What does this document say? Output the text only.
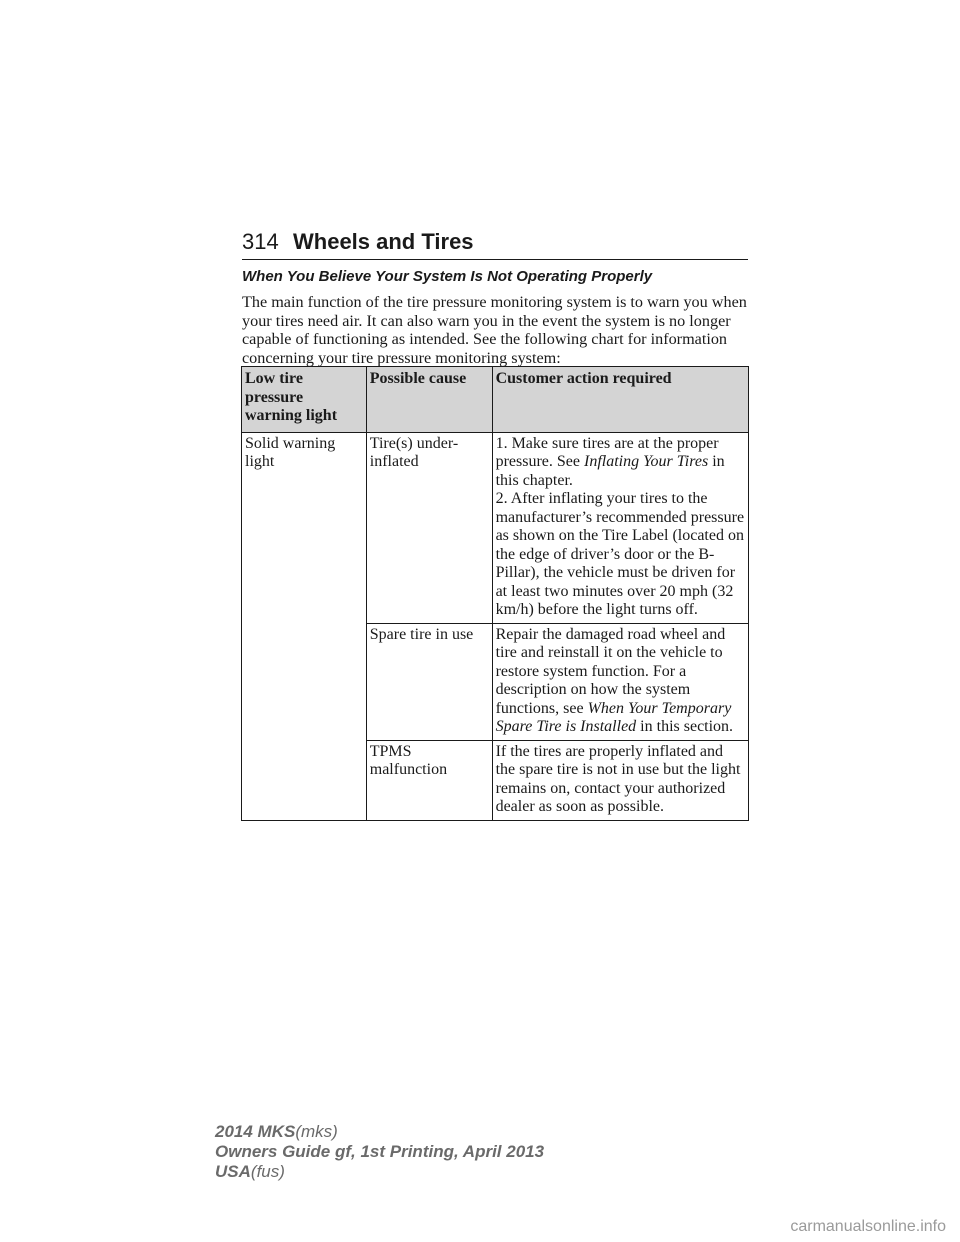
314 Wheels and Tires
When You Believe Your System Is Not Operating Properly
The main function of the tire pressure monitoring system is to warn you when your tires need air. It can also warn you in the event the system is no longer capable of functioning as intended. See the following chart for information concerning your tire pressure monitoring system:
Low tire pressure warning light	Possible cause	Customer action required
Solid warning light	Tire(s) under-inflated	1. Make sure tires are at the proper pressure. See Inflating Your Tires in this chapter.
2. After inflating your tires to the manufacturer’s recommended pressure as shown on the Tire Label (located on the edge of driver’s door or the B-Pillar), the vehicle must be driven for at least two minutes over 20 mph (32 km/h) before the light turns off.

	Spare tire in use	Repair the damaged road wheel and tire and reinstall it on the vehicle to restore system function. For a description on how the system functions, see When Your Temporary Spare Tire is Installed in this section.
	TPMS malfunction	If the tires are properly inflated and the spare tire is not in use but the light remains on, contact your authorized dealer as soon as possible.
2014 MKS(mks)
Owners Guide gf, 1st Printing, April 2013
USA(fus)
carmanualsonline.info
